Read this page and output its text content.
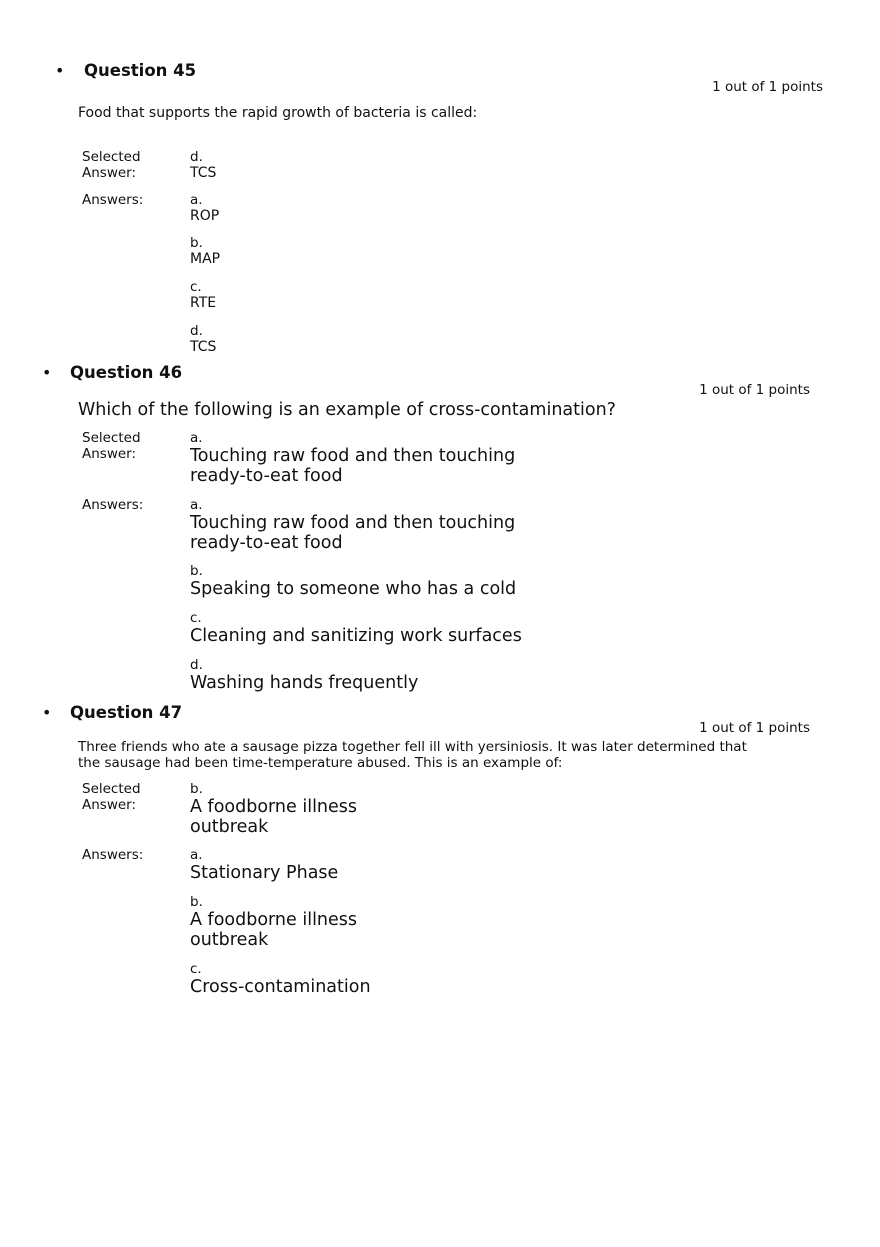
• Question 45
1 out of 1 points
Food that supports the rapid growth of bacteria is called:
Selected Answer:
d.
TCS
Answers:	a.
ROP
b.
MAP
c.
RTE
d.
TCS
• Question 46
1 out of 1 points
Which of the following is an example of cross-contamination?
Selected Answer:
a.
Touching raw food and then touching ready-to-eat food
Answers:	a.
Touching raw food and then touching ready-to-eat food
b.
Speaking to someone who has a cold
c.
Cleaning and sanitizing work surfaces
d.
Washing hands frequently
• Question 47
1 out of 1 points
Three friends who ate a sausage pizza together fell ill with yersiniosis. It was later determined that the sausage had been time-temperature abused. This is an example of:
Selected Answer:
b.
A foodborne illness outbreak
Answers:	a.
Stationary Phase
b.
A foodborne illness outbreak
c.
Cross-contamination
